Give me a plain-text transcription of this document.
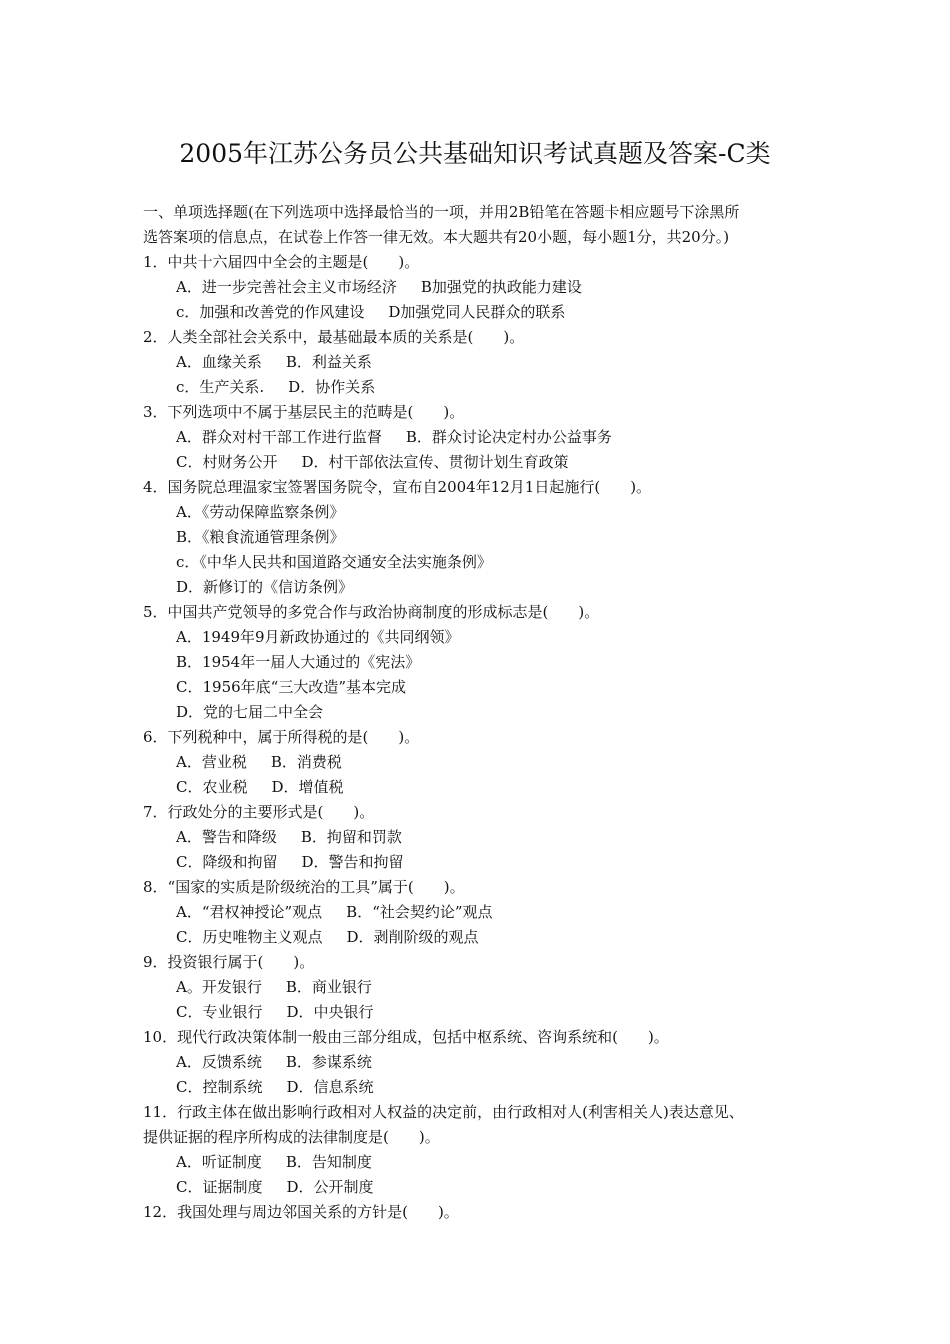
2005年江苏公务员公共基础知识考试真题及答案-C类
一、单项选择题(在下列选项中选择最恰当的一项，并用2B铅笔在答题卡相应题号下涂黑所
选答案项的信息点，在试卷上作答一律无效。本大题共有20小题，每小题1分，共20分。)
1．中共十六届四中全会的主题是(　　)。
A．进一步完善社会主义市场经济 B加强党的执政能力建设
c．加强和改善党的作风建设 D加强党同人民群众的联系
2．人类全部社会关系中，最基础最本质的关系是(　　)。
A．血缘关系 B．利益关系
c．生产关系. D．协作关系
3．下列选项中不属于基层民主的范畴是(　　)。
A．群众对村干部工作进行监督 B．群众讨论决定村办公益事务
C．村财务公开 D．村干部依法宣传、贯彻计划生育政策
4．国务院总理温家宝签署国务院令，宣布自2004年12月1日起施行(　　)。
A．《劳动保障监察条例》
B．《粮食流通管理条例》
c．《中华人民共和国道路交通安全法实施条例》
D．新修订的《信访条例》
5．中国共产党领导的多党合作与政治协商制度的形成标志是(　　)。
A．1949年9月新政协通过的《共同纲领》
B．1954年一届人大通过的《宪法》
C．1956年底“三大改造”基本完成
D．党的七届二中全会
6．下列税种中，属于所得税的是(　　)。
A．营业税 B．消费税
C．农业税 D．增值税
7．行政处分的主要形式是(　　)。
A．警告和降级 B．拘留和罚款
C．降级和拘留 D．警告和拘留
8．“国家的实质是阶级统治的工具”属于(　　)。
A．“君权神授论”观点 B．“社会契约论”观点
C．历史唯物主义观点 D．剥削阶级的观点
9．投资银行属于(　　)。
A。开发银行 B．商业银行
C．专业银行 D．中央银行
10．现代行政决策体制一般由三部分组成，包括中枢系统、咨询系统和(　　)。
A．反馈系统 B．参谋系统
C．控制系统 D．信息系统
11．行政主体在做出影响行政相对人权益的决定前，由行政相对人(利害相关人)表达意见、
提供证据的程序所构成的法律制度是(　　)。
A．听证制度 B．告知制度
C．证据制度 D．公开制度
12．我国处理与周边邻国关系的方针是(　　)。
